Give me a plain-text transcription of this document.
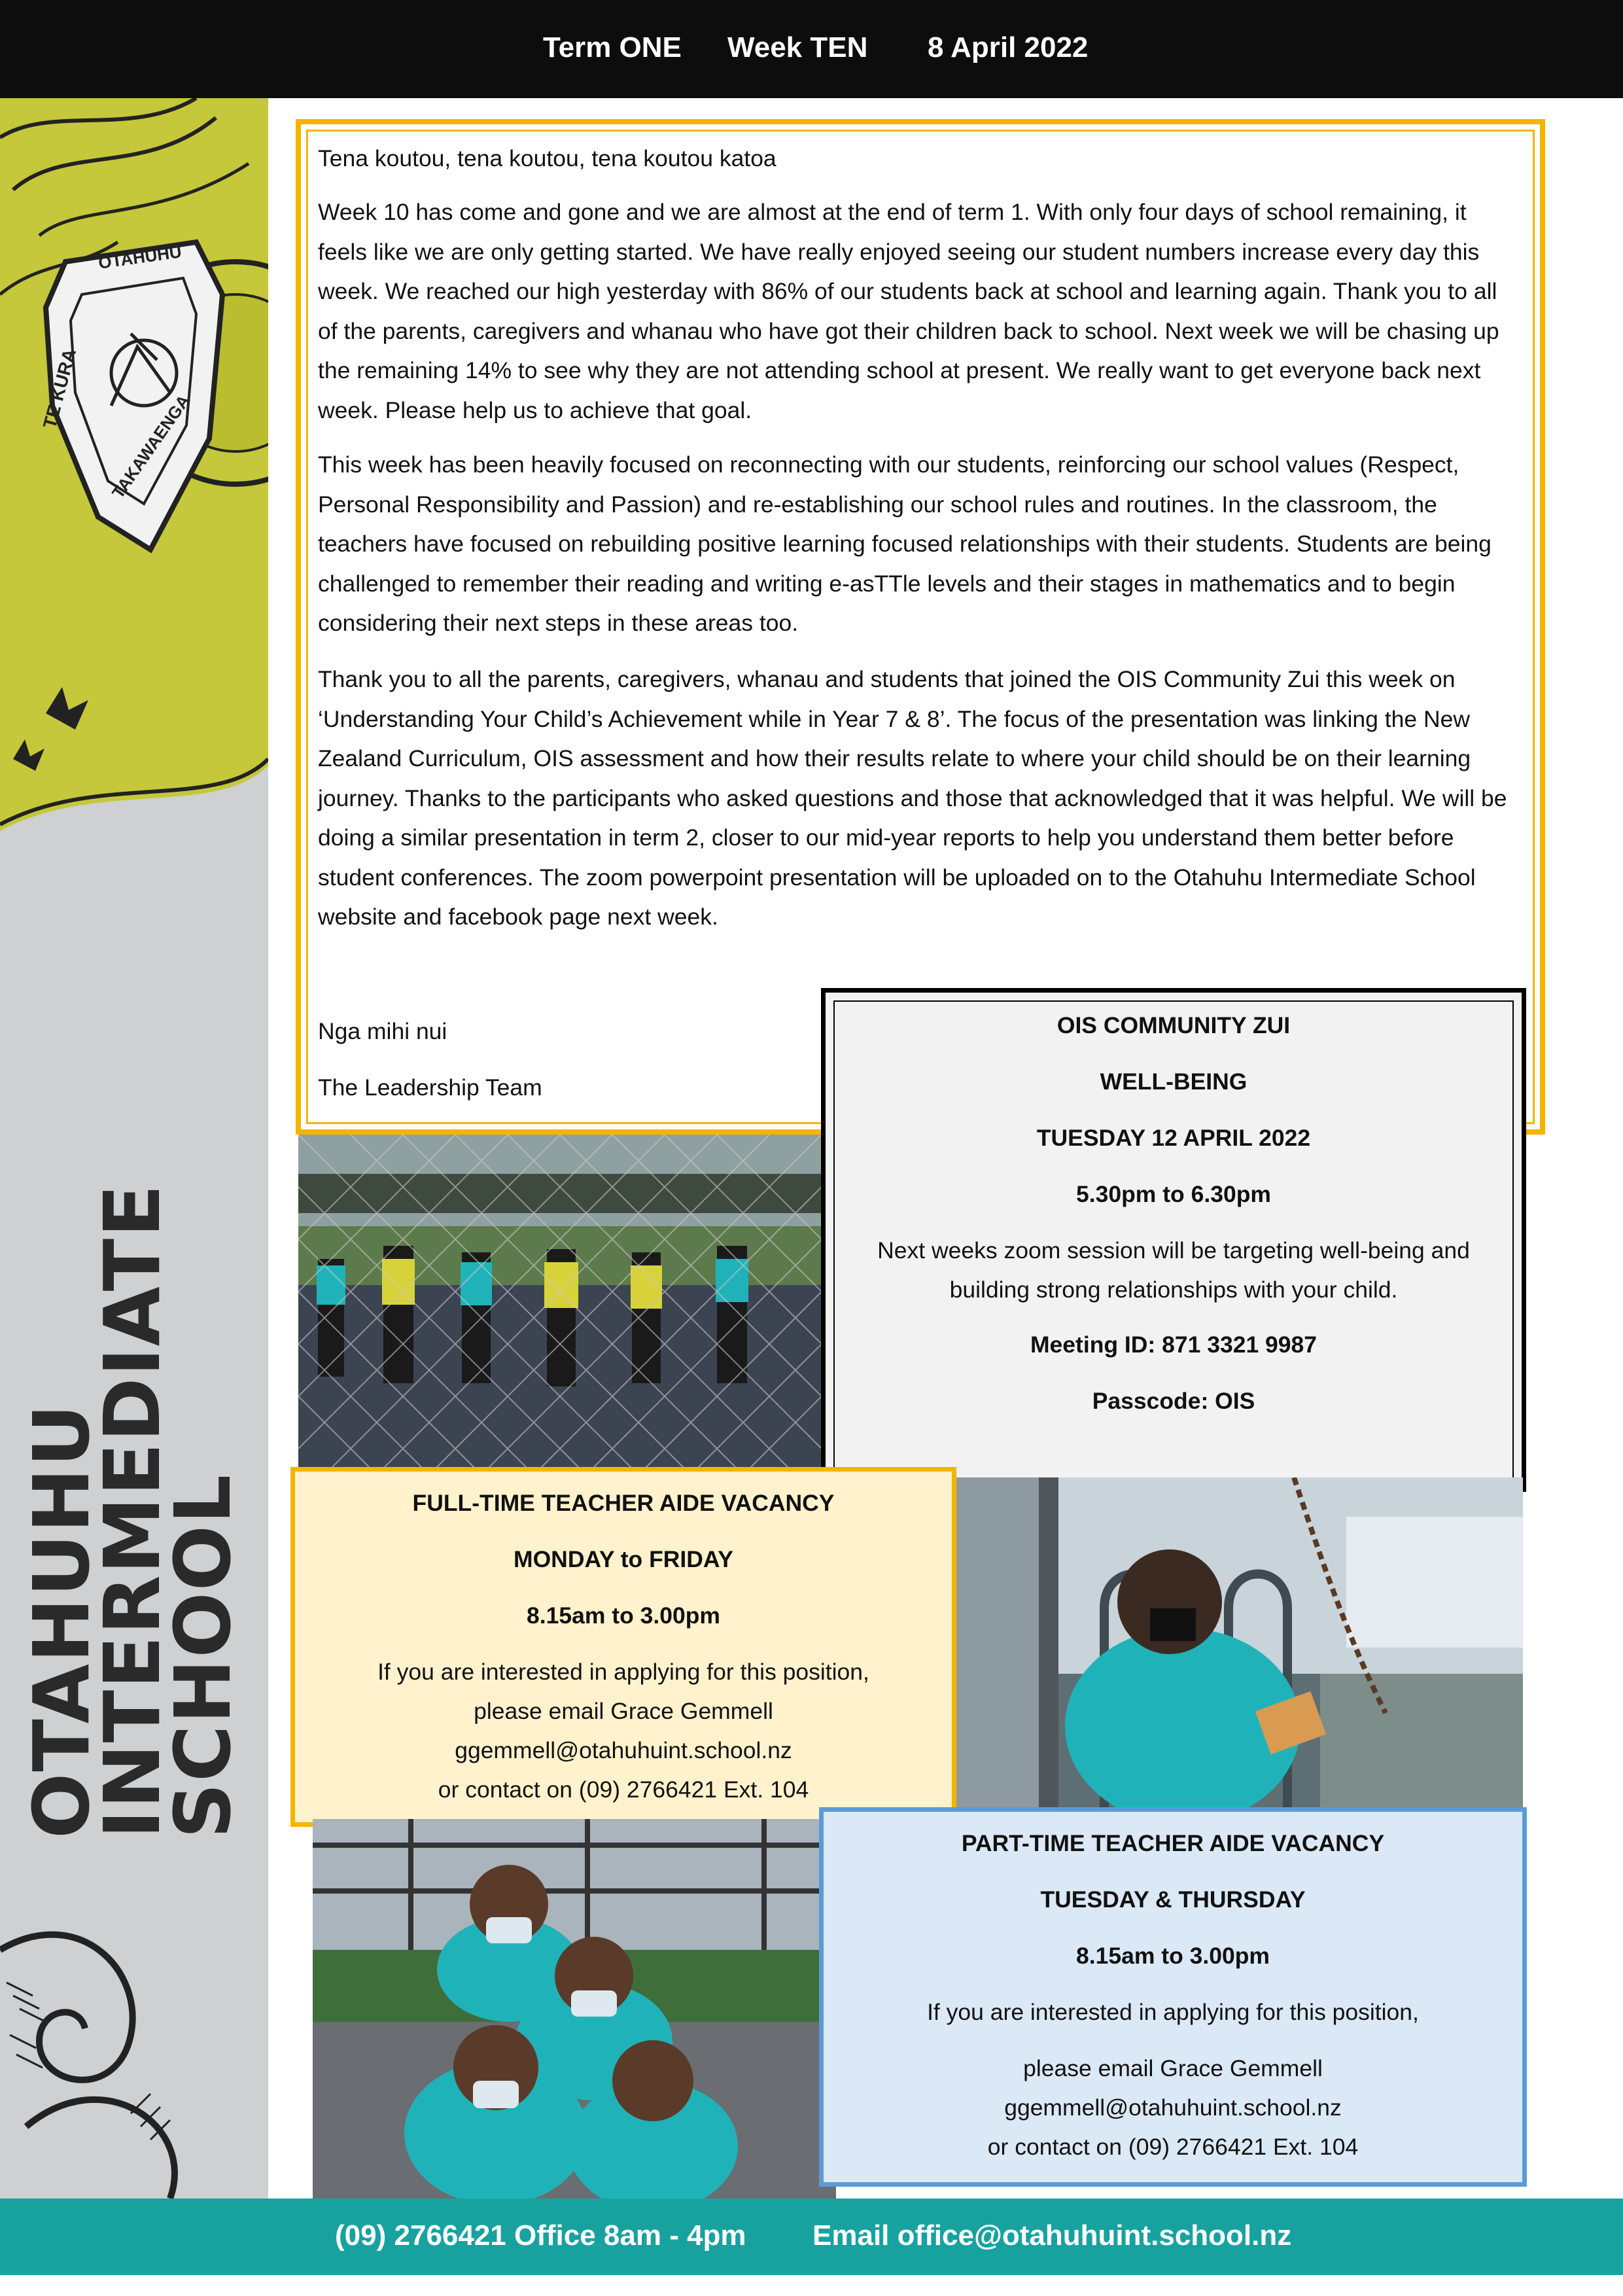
Term ONE Week TEN 8 April 2022
OTAHUHU
TE KURA
TAKAWAENGA
OTAHUHU
INTERMEDIATE
SCHOOL
Tena koutou, tena koutou, tena koutou katoa
Week 10 has come and gone and we are almost at the end of term 1. With only four days of school remaining, it feels like we are only getting started. We have really enjoyed seeing our student numbers increase every day this week. We reached our high yesterday with 86% of our students back at school and learning again. Thank you to all of the parents, caregivers and whanau who have got their children back to school. Next week we will be chasing up the remaining 14% to see why they are not attending school at present. We really want to get everyone back next week. Please help us to achieve that goal.
This week has been heavily focused on reconnecting with our students, reinforcing our school values (Respect, Personal Responsibility and Passion) and re-establishing our school rules and routines. In the classroom, the teachers have focused on rebuilding positive learning focused relationships with their students. Students are being challenged to remember their reading and writing e-asTTle levels and their stages in mathematics and to begin considering their next steps in these areas too.
Thank you to all the parents, caregivers, whanau and students that joined the OIS Community Zui this week on ‘Understanding Your Child’s Achievement while in Year 7 & 8’. The focus of the presentation was linking the New Zealand Curriculum, OIS assessment and how their results relate to where your child should be on their learning journey. Thanks to the participants who asked questions and those that acknowledged that it was helpful. We will be doing a similar presentation in term 2, closer to our mid-year reports to help you understand them better before student conferences. The zoom powerpoint presentation will be uploaded on to the Otahuhu Intermediate School website and facebook page next week.
Nga mihi nui
The Leadership Team
OIS COMMUNITY ZUI
WELL-BEING
TUESDAY 12 APRIL 2022
5.30pm to 6.30pm
Next weeks zoom session will be targeting well-being and
building strong relationships with your child.
Meeting ID: 871 3321 9987
Passcode: OIS
FULL-TIME TEACHER AIDE VACANCY
MONDAY to FRIDAY
8.15am to 3.00pm
If you are interested in applying for this position,
please email Grace Gemmell
ggemmell@otahuhuint.school.nz
or contact on (09) 2766421 Ext. 104
PART-TIME TEACHER AIDE VACANCY
TUESDAY & THURSDAY
8.15am to 3.00pm
If you are interested in applying for this position,
please email Grace Gemmell
ggemmell@otahuhuint.school.nz
or contact on (09) 2766421 Ext. 104
(09) 2766421 Office 8am - 4pm Email office@otahuhuint.school.nz
